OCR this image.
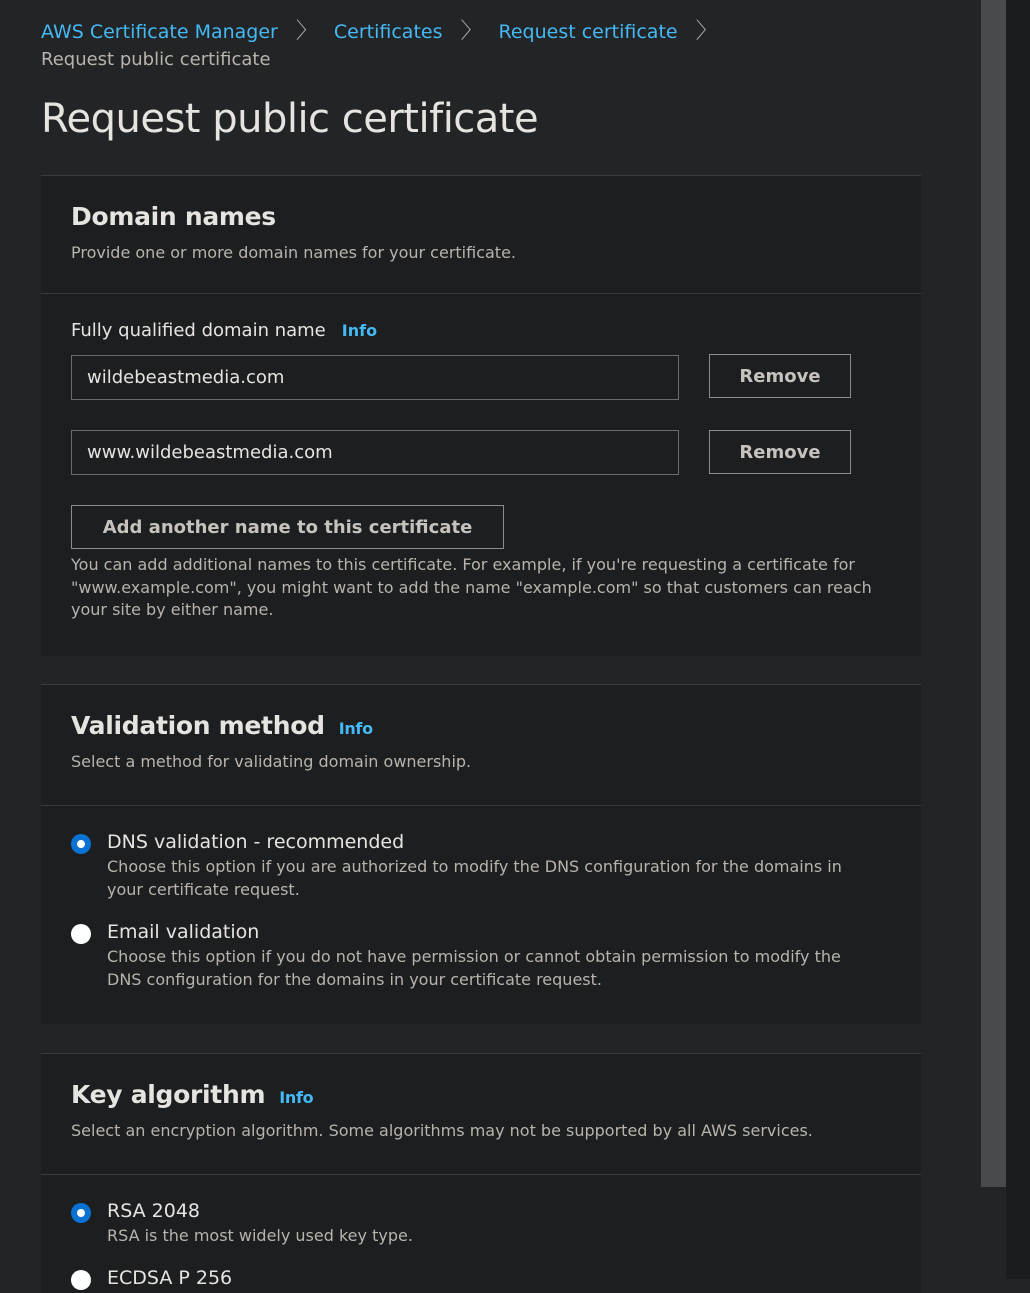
AWS Certificate Manager 〉 Certificates 〉 Request certificate 〉
Request public certificate
Request public certificate
Domain names

Provide one or more domain names for your certificate.

Fully qualified domain name Info
wildebeastmedia.com
Remove
www.wildebeastmedia.com
Remove
Add another name to this certificate
You can add additional names to this certificate. For example, if you're requesting a certificate for "www.example.com", you might want to add the name "example.com" so that customers can reach your site by either name.
Validation method Info

Select a method for validating domain ownership.

DNS validation - recommended
Choose this option if you are authorized to modify the DNS configuration for the domains in your certificate request.
Email validation
Choose this option if you do not have permission or cannot obtain permission to modify the DNS configuration for the domains in your certificate request.
Key algorithm Info

Select an encryption algorithm. Some algorithms may not be supported by all AWS services.

RSA 2048
RSA is the most widely used key type.
ECDSA P 256
